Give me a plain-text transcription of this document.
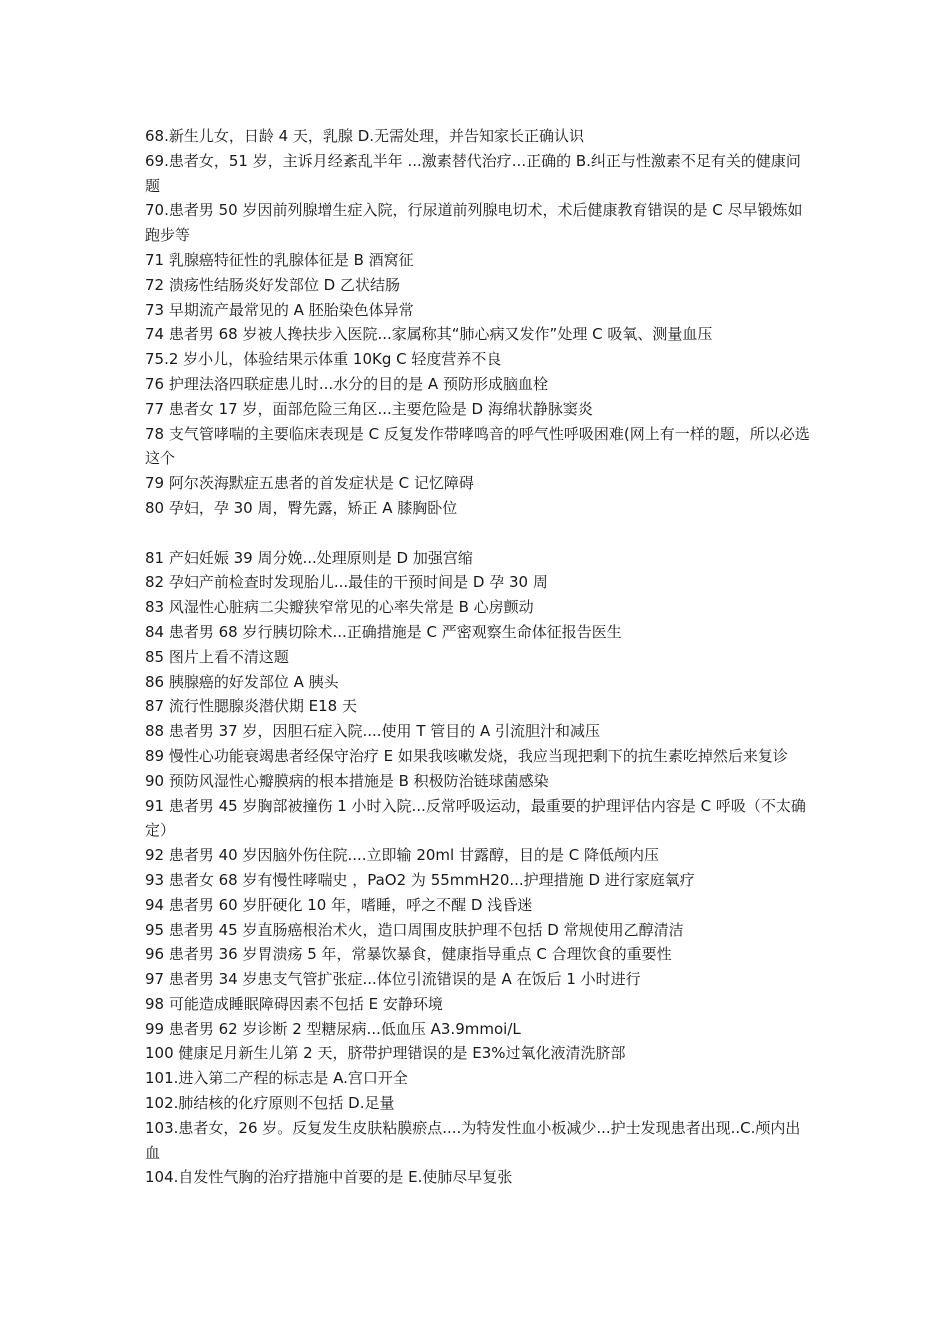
68.新生儿女，日龄 4 天，乳腺 D.无需处理，并告知家长正确认识
69.患者女，51 岁，主诉月经紊乱半年 ...激素替代治疗...正确的 B.纠正与性激素不足有关的健康问题
70.患者男 50 岁因前列腺增生症入院，行尿道前列腺电切术，术后健康教育错误的是 C 尽早锻炼如跑步等
71 乳腺癌特征性的乳腺体征是 B 酒窝征
72 溃疡性结肠炎好发部位 D 乙状结肠
73 早期流产最常见的 A 胚胎染色体异常
74 患者男 68 岁被人搀扶步入医院...家属称其“肺心病又发作”处理 C 吸氧、测量血压
75.2 岁小儿，体验结果示体重 10Kg C 轻度营养不良
76 护理法洛四联症患儿时...水分的目的是 A 预防形成脑血栓
77 患者女 17 岁，面部危险三角区...主要危险是 D 海绵状静脉窦炎
78 支气管哮喘的主要临床表现是 C 反复发作带哮鸣音的呼气性呼吸困难(网上有一样的题，所以必选这个
79 阿尔茨海默症五患者的首发症状是 C 记忆障碍
80 孕妇，孕 30 周，臀先露，矫正 A 膝胸卧位
81 产妇妊娠 39 周分娩...处理原则是 D 加强宫缩
82 孕妇产前检查时发现胎儿...最佳的干预时间是 D 孕 30 周
83 风湿性心脏病二尖瓣狭窄常见的心率失常是 B 心房颤动
84 患者男 68 岁行胰切除术...正确措施是 C 严密观察生命体征报告医生
85 图片上看不清这题
86 胰腺癌的好发部位 A 胰头
87 流行性腮腺炎潜伏期 E18 天
88 患者男 37 岁，因胆石症入院....使用 T 管目的 A 引流胆汁和减压
89 慢性心功能衰竭患者经保守治疗 E 如果我咳嗽发烧，我应当现把剩下的抗生素吃掉然后来复诊
90 预防风湿性心瓣膜病的根本措施是 B 积极防治链球菌感染
91 患者男 45 岁胸部被撞伤 1 小时入院...反常呼吸运动，最重要的护理评估内容是 C 呼吸（不太确定）
92 患者男 40 岁因脑外伤住院....立即输 20ml 甘露醇，目的是 C 降低颅内压
93 患者女 68 岁有慢性哮喘史 ，PaO2 为 55mmH20...护理措施 D 进行家庭氧疗
94 患者男 60 岁肝硬化 10 年，嗜睡，呼之不醒 D 浅昏迷
95 患者男 45 岁直肠癌根治术火，造口周围皮肤护理不包括 D 常规使用乙醇清洁
96 患者男 36 岁胃溃疡 5 年，常暴饮暴食，健康指导重点 C 合理饮食的重要性
97 患者男 34 岁患支气管扩张症...体位引流错误的是 A 在饭后 1 小时进行
98 可能造成睡眠障碍因素不包括 E 安静环境
99 患者男 62 岁诊断 2 型糖尿病...低血压 A3.9mmoi/L
100 健康足月新生儿第 2 天，脐带护理错误的是 E3%过氧化液清洗脐部
101.进入第二产程的标志是 A.宫口开全
102.肺结核的化疗原则不包括 D.足量
103.患者女，26 岁。反复发生皮肤粘膜瘀点....为特发性血小板减少...护士发现患者出现..C.颅内出血
104.自发性气胸的治疗措施中首要的是 E.使肺尽早复张
